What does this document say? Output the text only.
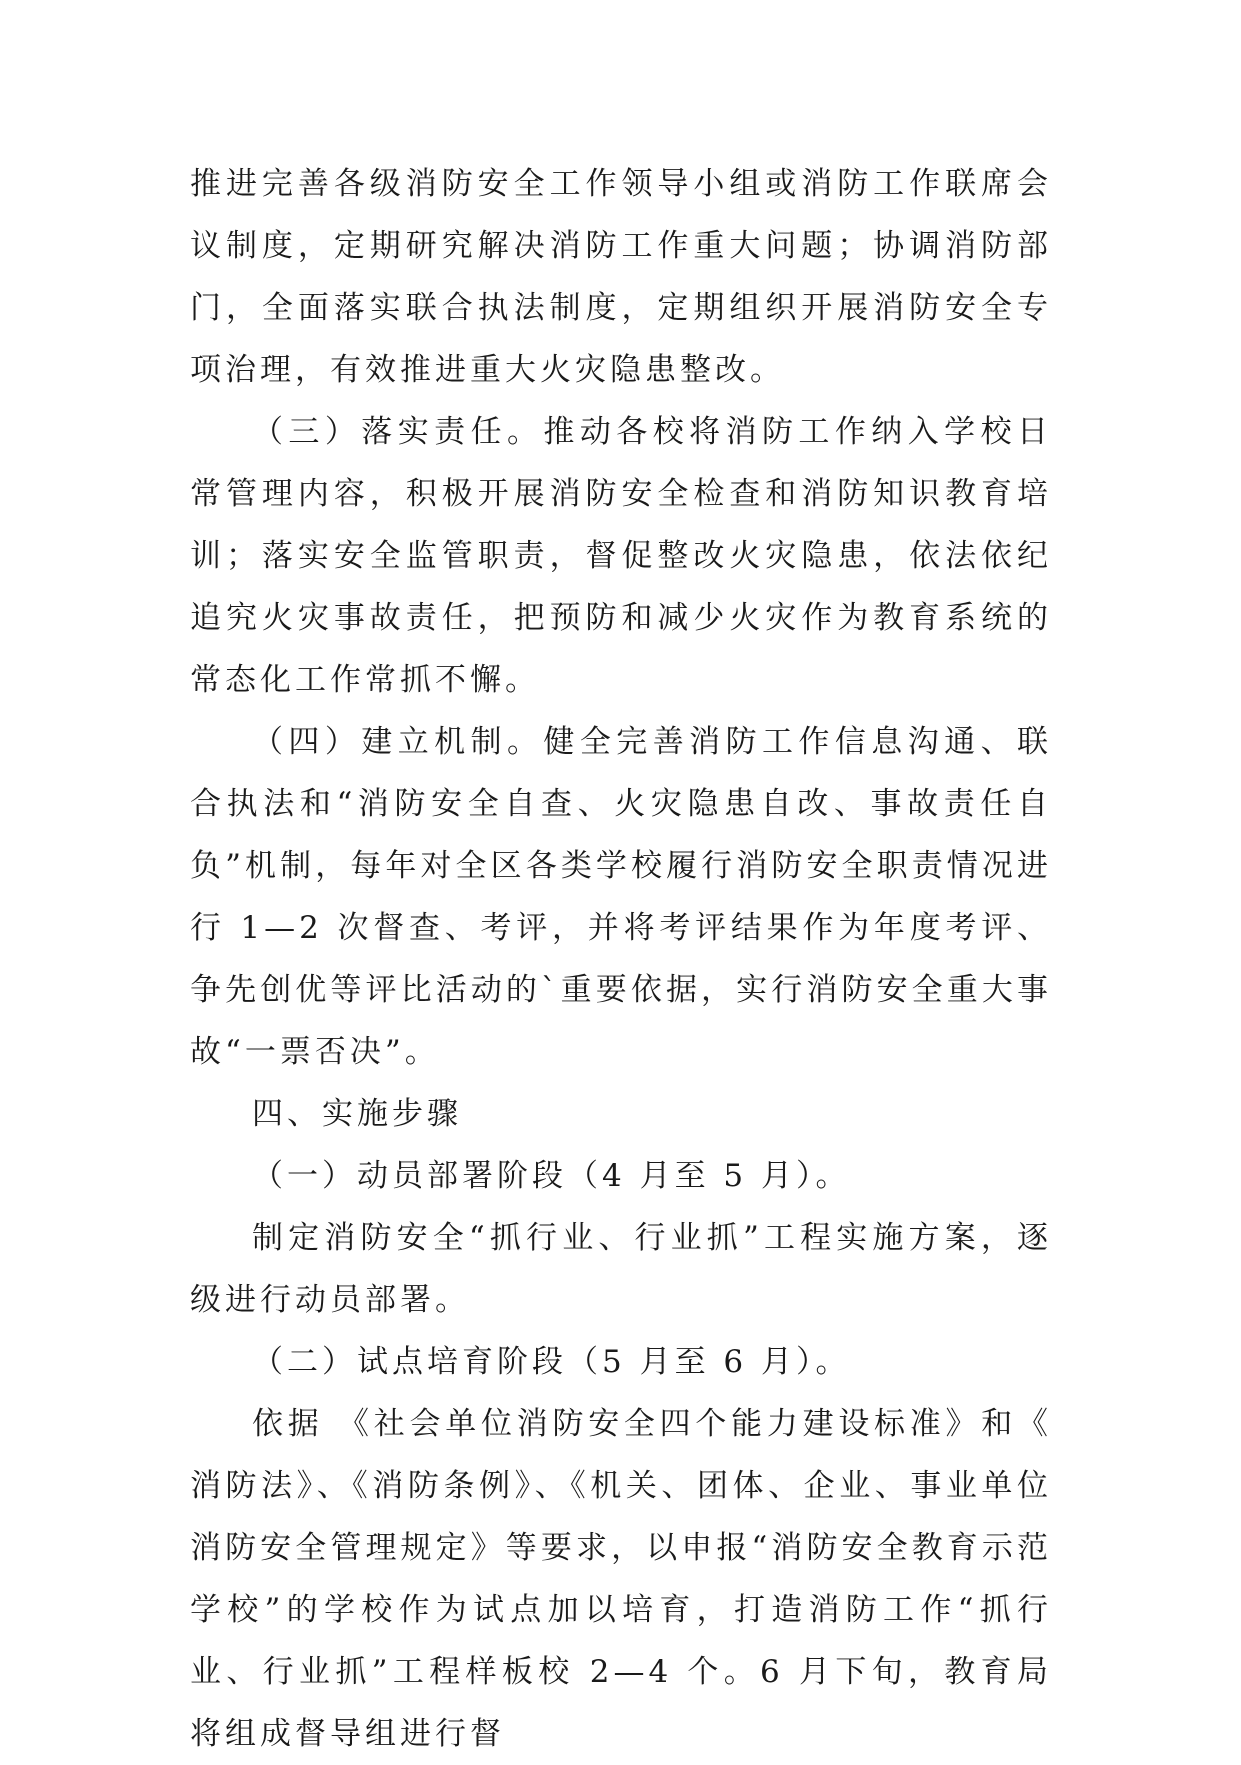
推进完善各级消防安全工作领导小组或消防工作联席会议制度，定期研究解决消防工作重大问题；协调消防部门，全面落实联合执法制度，定期组织开展消防安全专项治理，有效推进重大火灾隐患整改。

（三）落实责任。推动各校将消防工作纳入学校日常管理内容，积极开展消防安全检查和消防知识教育培训；落实安全监管职责，督促整改火灾隐患，依法依纪追究火灾事故责任，把预防和减少火灾作为教育系统的常态化工作常抓不懈。

（四）建立机制。健全完善消防工作信息沟通、联合执法和“消防安全自查、火灾隐患自改、事故责任自负”机制，每年对全区各类学校履行消防安全职责情况进行 1—2 次督查、考评，并将考评结果作为年度考评、争先创优等评比活动的`重要依据，实行消防安全重大事故“一票否决”。

四、实施步骤

（一）动员部署阶段（4 月至 5 月）。

制定消防安全“抓行业、行业抓”工程实施方案，逐级进行动员部署。

（二）试点培育阶段（5 月至 6 月）。

依据 《社会单位消防安全四个能力建设标准》和《 消防法》、《消防条例》、《机关、团体、企业、事业单位消防安全管理规定》等要求，以申报“消防安全教育示范学校”的学校作为试点加以培育，打造消防工作“抓行业、行业抓”工程样板校 2—4 个。6 月下旬，教育局将组成督导组进行督
